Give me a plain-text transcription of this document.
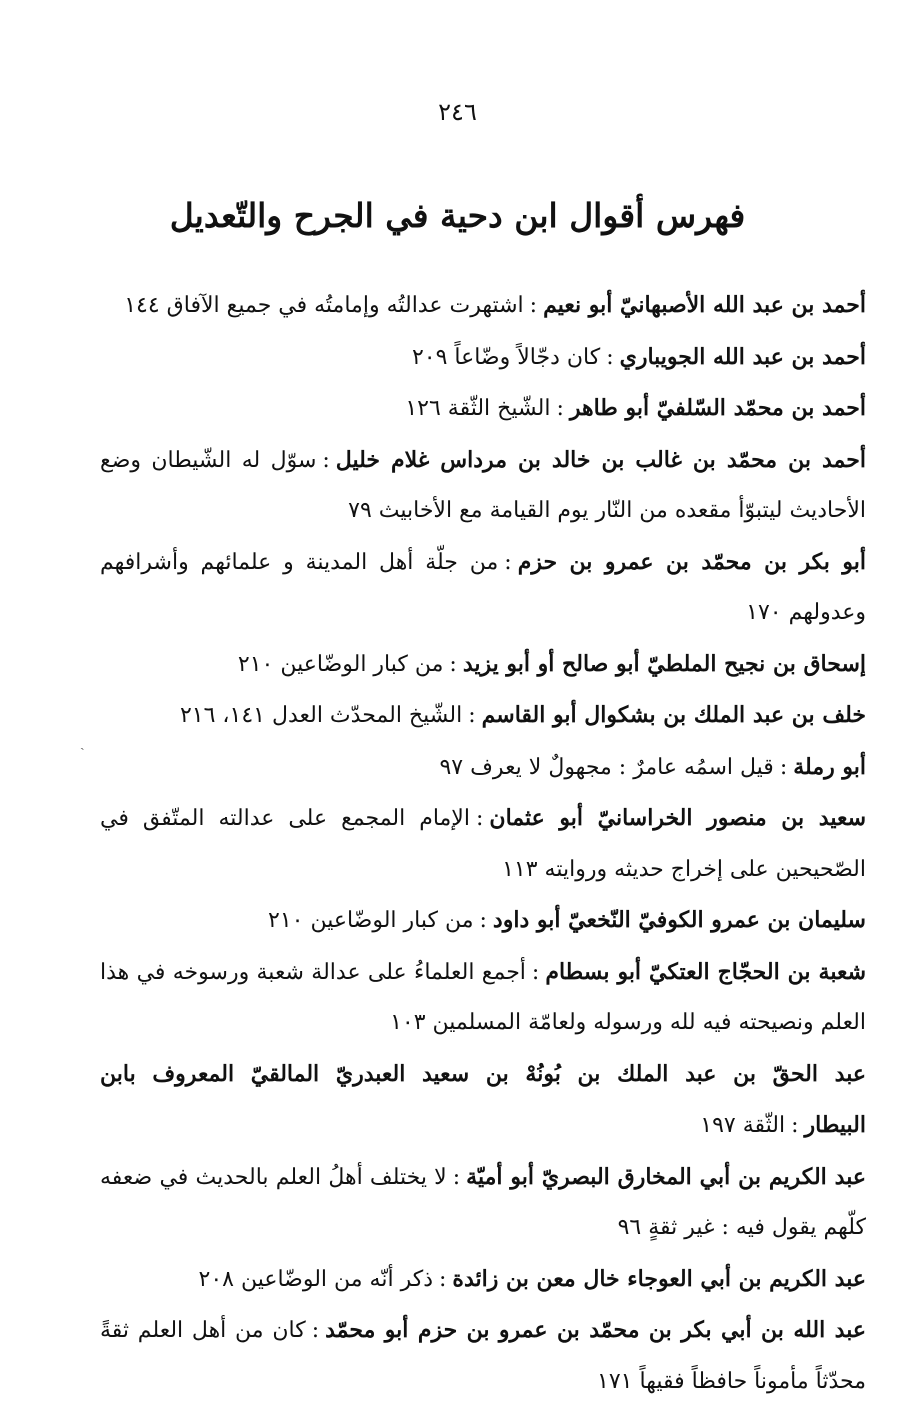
٢٤٦
فهرس أقوال ابن دحية في الجرح والتّعديل

أحمد بن عبد الله الأصبهانيّ أبو نعيم:اشتهرت عدالتُه وإمامتُه في جميع الآفاق ١٤٤

أحمد بن عبد الله الجويباري:كان دجّالاً وضّاعاً ٢٠٩

أحمد بن محمّد السّلفيّ أبو طاهر:الشّيخ الثّقة ١٢٦

أحمد بن محمّد بن غالب بن خالد بن مرداس غلام خليل:سوّل له الشّيطان وضع الأحاديث ليتبوّأ مقعده من النّار يوم القيامة مع الأخابيث ٧٩

أبو بكر بن محمّد بن عمرو بن حزم:من جلّة أهل المدينة و علمائهم وأشرافهم وعدولهم ١٧٠

إسحاق بن نجيح الملطيّ أبو صالح أو أبو يزيد:من كبار الوضّاعين ٢١٠

خلف بن عبد الملك بن بشكوال أبو القاسم:الشّيخ المحدّث العدل ١٤١، ٢١٦

أبو رملة:قيل اسمُه عامرٌ : مجهولٌ لا يعرف ٩٧

سعيد بن منصور الخراسانيّ أبو عثمان:الإمام المجمع على عدالته المتّفق في الصّحيحين على إخراج حديثه وروايته ١١٣

سليمان بن عمرو الكوفيّ النّخعيّ أبو داود:من كبار الوضّاعين ٢١٠

شعبة بن الحجّاج العتكيّ أبو بسطام:أجمع العلماءُ على عدالة شعبة ورسوخه في هذا العلم ونصيحته فيه لله ورسوله ولعامّة المسلمين ١٠٣

عبد الحقّ بن عبد الملك بن بُونُهْ بن سعيد العبدريّ المالقيّ المعروف بابن البيطار:الثّقة ١٩٧

عبد الكريم بن أبي المخارق البصريّ أبو أميّة:لا يختلف أهلُ العلم بالحديث في ضعفه كلّهم يقول فيه : غير ثقةٍ ٩٦

عبد الكريم بن أبي العوجاء خال معن بن زائدة:ذكر أنّه من الوضّاعين ٢٠٨

عبد الله بن أبي بكر بن محمّد بن عمرو بن حزم أبو محمّد:كان من أهل العلم ثقةً محدّثاً مأموناً حافظاً فقيهاً ١٧١

ˏ
